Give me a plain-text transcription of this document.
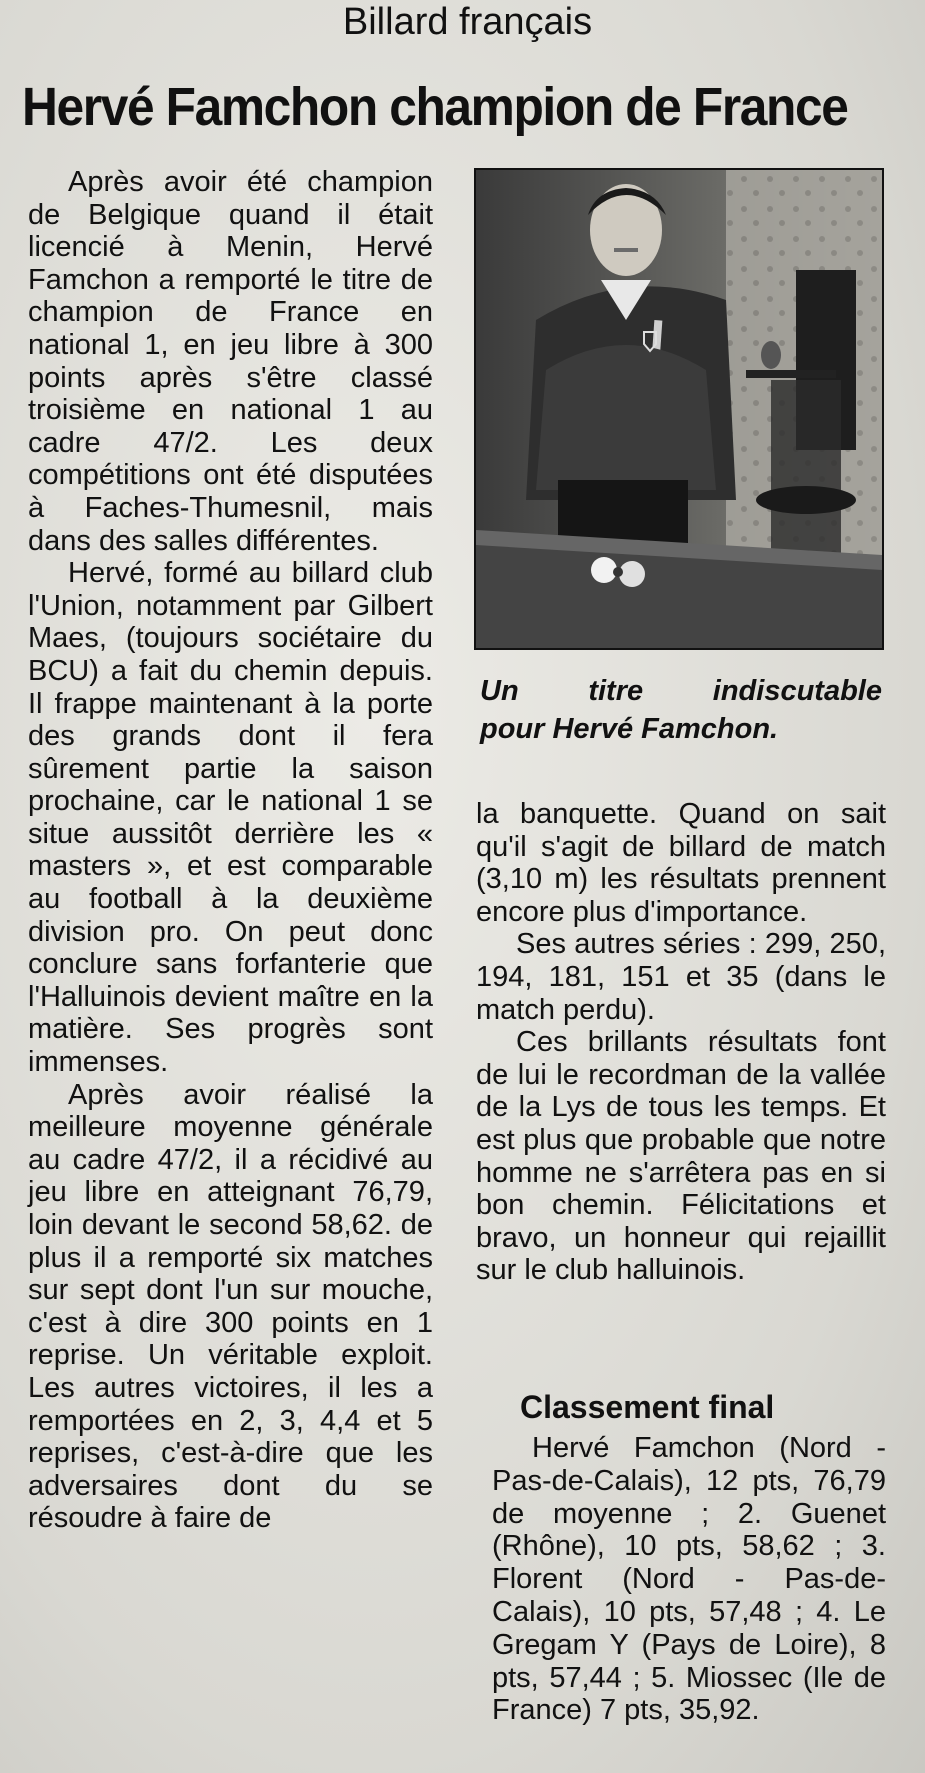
Billard français
Hervé Famchon champion de France

Après avoir été champion de Belgique quand il était licencié à Menin, Hervé Famchon a remporté le titre de champion de France en national 1, en jeu libre à 300 points après s'être classé troisième en national 1 au cadre 47/2. Les deux compétitions ont été disputées à Faches-Thumesnil, mais dans des salles différentes.

Hervé, formé au billard club l'Union, notamment par Gilbert Maes, (toujours sociétaire du BCU) a fait du chemin depuis. Il frappe maintenant à la porte des grands dont il fera sûrement partie la saison prochaine, car le national 1 se situe aussitôt derrière les « masters », et est comparable au football à la deuxième division pro. On peut donc conclure sans forfanterie que l'Halluinois devient maître en la matière. Ses progrès sont immenses.

Après avoir réalisé la meilleure moyenne générale au cadre 47/2, il a récidivé au jeu libre en atteignant 76,79, loin devant le second 58,62. de plus il a remporté six matches sur sept dont l'un sur mouche, c'est à dire 300 points en 1 reprise. Un véritable exploit. Les autres victoires, il les a remportées en 2, 3, 4,4 et 5 reprises, c'est-à-dire que les adversaires dont du se résoudre à faire de

Un titre indiscutable
pour Hervé Famchon.

la banquette. Quand on sait qu'il s'agit de billard de match (3,10 m) les résultats prennent encore plus d'importance.

Ses autres séries : 299, 250, 194, 181, 151 et 35 (dans le match perdu).

Ces brillants résultats font de lui le recordman de la vallée de la Lys de tous les temps. Et est plus que probable que notre homme ne s'arrêtera pas en si bon chemin. Félicitations et bravo, un honneur qui rejaillit sur le club halluinois.

Classement final

Hervé Famchon (Nord - Pas-de-Calais), 12 pts, 76,79 de moyenne ; 2. Guenet (Rhône), 10 pts, 58,62 ; 3. Florent (Nord - Pas-de-Calais), 10 pts, 57,48 ; 4. Le Gregam Y (Pays de Loire), 8 pts, 57,44 ; 5. Miossec (Ile de France) 7 pts, 35,92.
